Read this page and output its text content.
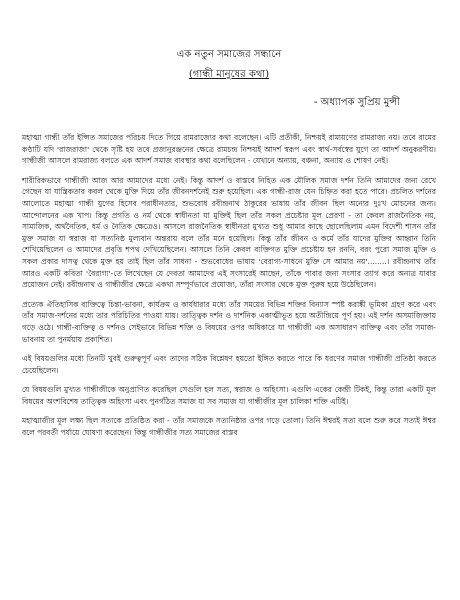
এক নতুন সমাজের সন্ধানে

(গান্ধী মানুষের কথা)

- অধ্যাপক সুপ্রিয় মুন্সী

মহাত্মা গান্ধী তাঁর ইপ্সিত সমাজের পরিচয় দিতে গিয়ে রামরাজ্যের কথা বলেছেন। এটি প্রতীকী, নিশ্চয়ই রামায়ণের রামরাজ্য নয়। তবে রামের কণ্ঠাটি যদি 'রাজরাজা' থেকে সৃষ্টি হয় তবে প্রজানুরঞ্জনের ক্ষেত্রে রামচন্দ্র নিশ্চয়ই আদর্শ স্বরূপ এবং স্বার্থ-সর্বস্বের যুগে তা আদর্শ অনুকরণীয়। গান্ধীজী আসলে রামরাজ্য বলতে এক আদর্শ সমাজ ব্যবস্থার কথা বলেছিলেন - যেখানে অন্যায়, বঞ্চনা, অন্যায় ও শোষণ নেই।

শারীরিকভাবে গান্ধীজী আজ আর আমাদের মধ্যে নেই। কিন্তু আদর্শ ও বাস্তবে নিহিত এক মৌলিক সমাজ দর্শন তিনি আমাদের জন্য রেখে গেছেন যা যান্ত্রিকতার কবল থেকে মুক্তি দিয়ে তাঁর জীবনদর্শনেই শুরু হয়েছিল। এক গান্ধী-রাজ যেন চিহ্নিত করা হতে পারে। প্রচলিত দর্শনের আলোতে মহাত্মা গান্ধী যুগের হিসেব পরাধীনতার, শুভবোধ রবীন্দ্রনাথ ঠাকুরের ভাষায় তাঁর জীবন ছিল অন্যের দুঃখ মোচনের জন্য। আন্দোলনের এক খাপ। কিন্তু প্রগতি ও নর্ম থেকে স্বাধীনতা যা মুক্তিই ছিল তাঁর সকল প্রচেষ্টার মূল প্রেরণা - তা কেবল রাজনৈতিক নয়, সামাজিক, অর্থনৈতিক, ধর্ম ও নৈতিক ক্ষেত্রেও। আসলে রাজনৈতিক স্বাধীনতা মুখ্যত শুধু আমার কাছে ছোলেছিলাম এমন বিদেশী শাসন তাঁর মুক্ত সমাজ যা স্বরাজ যা সত্যনিষ্ঠ মুল্যবান অন্তরায় বলে তাঁর মনে হয়েছিল। কিন্তু তাঁর জীবন ও কর্মে তাঁর যাদের মুক্তির আহ্বান তিনি শেখিয়েছিলেন ও আমাদের প্রবৃত্তি শপথ দেখিয়েছিলেন। আসলে তিনি কেবল ব্যক্তিগত মুক্তি প্রচেষ্টায় হন রননি, বরং পুরো সমাজ মুক্তি ও সকল প্রকার দাসত্ব থেকে মুক্ত হয় তাই ছিল তাঁর সাধনা - শুভবোধের ভাষায় 'বেরাগ্য-সাধনে মুক্তি সে আমার নয়'........। রবীন্দ্রনাথ তাঁর আরও একটি কবিতা 'বৈরাগ্য'-তে লিখেছেন যে দেবতা আমাদের এই সংসারেই আছেন, তাঁকে পাবার জন্য সংসার ত্যাগ করে অন্যত্র যাবার প্রয়োজন নেই। রবীন্দ্রনাথ ও গান্ধীজীর ক্ষেত্রে একথা সম্পূর্ণভাবে প্রযোজ্য, তাঁরা সংসার থেকে মুক্ত পুরুষ হয়ে উঠেছিলেন।

প্রত্যেক ঐতিহাসিক ব্যক্তিত্বে চিন্তা-ভাবনা, কার্যক্রম ও কার্যধারার মধ্যে তাঁর সময়ের বিভিন্ন শক্তির বিন্যাস স্পষ্ট করাঙ্কী ভূমিকা গ্রহণ করে এবং তাঁর সমাজ-দর্শনের মধ্যে তার পরিচিতির পাওয়া যায়। তাত্ত্বিক দর্শন ও দার্শনিক একাত্মীভূত হয়ে অতীন্দ্রিয়ে পূর্ণ হয়। এই দর্শন অসমাজিক্তায় গড়ে ওঠে। গান্ধী-ব্যক্তিত্ব ও দর্শনও সেইভাবে বিভিন্ন শক্তি ও বিষয়ের ওপর অধিকারে যা গান্ধীজী এক অসাধারণ ব্যক্তিত্ব এবং তাঁর সমাজ-ভাবনায় তা পুনর্ময়ায় প্রকাশিত।

এই বিষয়গুলির মধ্যে তিনটি খুবই গুরুত্বপূর্ণ এবং তাদের সঠিক বিশ্লেষণ হয়তো ইঙ্গিত করতে পারে কি ধরণের সমাজ গান্ধীজী প্রতিষ্ঠা করতে চেয়েছিলেন।

যে বিষয়গুলি মুখ্যত গান্ধীজীকে অনুপ্রাণিত করেছিল সেগুলি হল সত্য, স্বরাজ ও অহিংসা। এগুলি একের কেন্দ্রী টিকই, কিন্তু তারা একটি মূল বিষয়ের অংশবিশেষ তাত্ত্বিক অহিংসা এবং পুনর্গঠিত সমাজ যা সব সমাজ যা গান্ধীজীর মূল চালিকা শক্তি এটিই।

মহাত্মাজীর মূল লক্ষ্য ছিল সত্যকে প্রতিষ্ঠিত করা - তাঁর সমাজকে সত্যনিষ্ঠার ওপর গড়ে তোলা। তিনি ঈশ্বরই সত্য বলে শুরু করে সত্যই ঈশ্বর বলে পরবর্তী পর্যায়ে ঘোষণা করেছেন। কিন্তু গান্ধীজীর সত্য সমাজের বাস্তব
